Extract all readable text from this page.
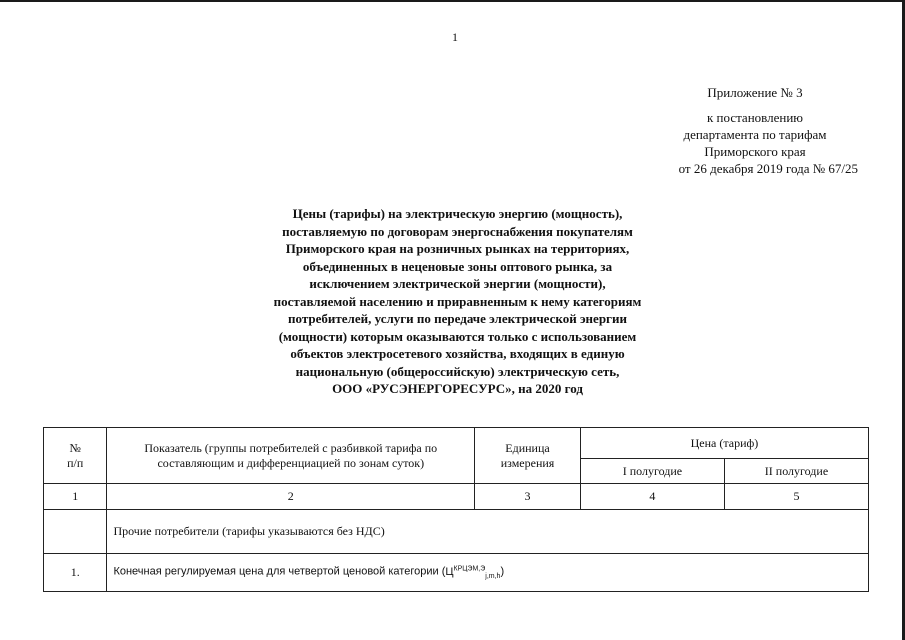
1
Приложение № 3
к постановлению
департамента по тарифам
Приморского края
от 26 декабря 2019 года № 67/25
Цены (тарифы) на электрическую энергию (мощность),
поставляемую по договорам энергоснабжения покупателям
Приморского края на розничных рынках на территориях,
объединенных в неценовые зоны оптового рынка, за
исключением электрической энергии (мощности),
поставляемой населению и приравненным к нему категориям
потребителей, услуги по передаче электрической энергии
(мощности) которым оказываются только с использованием
объектов электросетевого хозяйства, входящих в единую
национальную (общероссийскую) электрическую сеть,
ООО «РУСЭНЕРГОРЕСУРС», на 2020 год
№
п/п	Показатель (группы потребителей с разбивкой тарифа по составляющим и дифференциацией по зонам суток)	Единица измерения	Цена (тариф)	
			I полугодие	II полугодие
1	2	3	4	5
	Прочие потребители (тарифы указываются без НДС)			
1.	Конечная регулируемая цена для четвертой ценовой категории $(Ц^{КРЦЭМ,Э}_{j,m,h})$			
